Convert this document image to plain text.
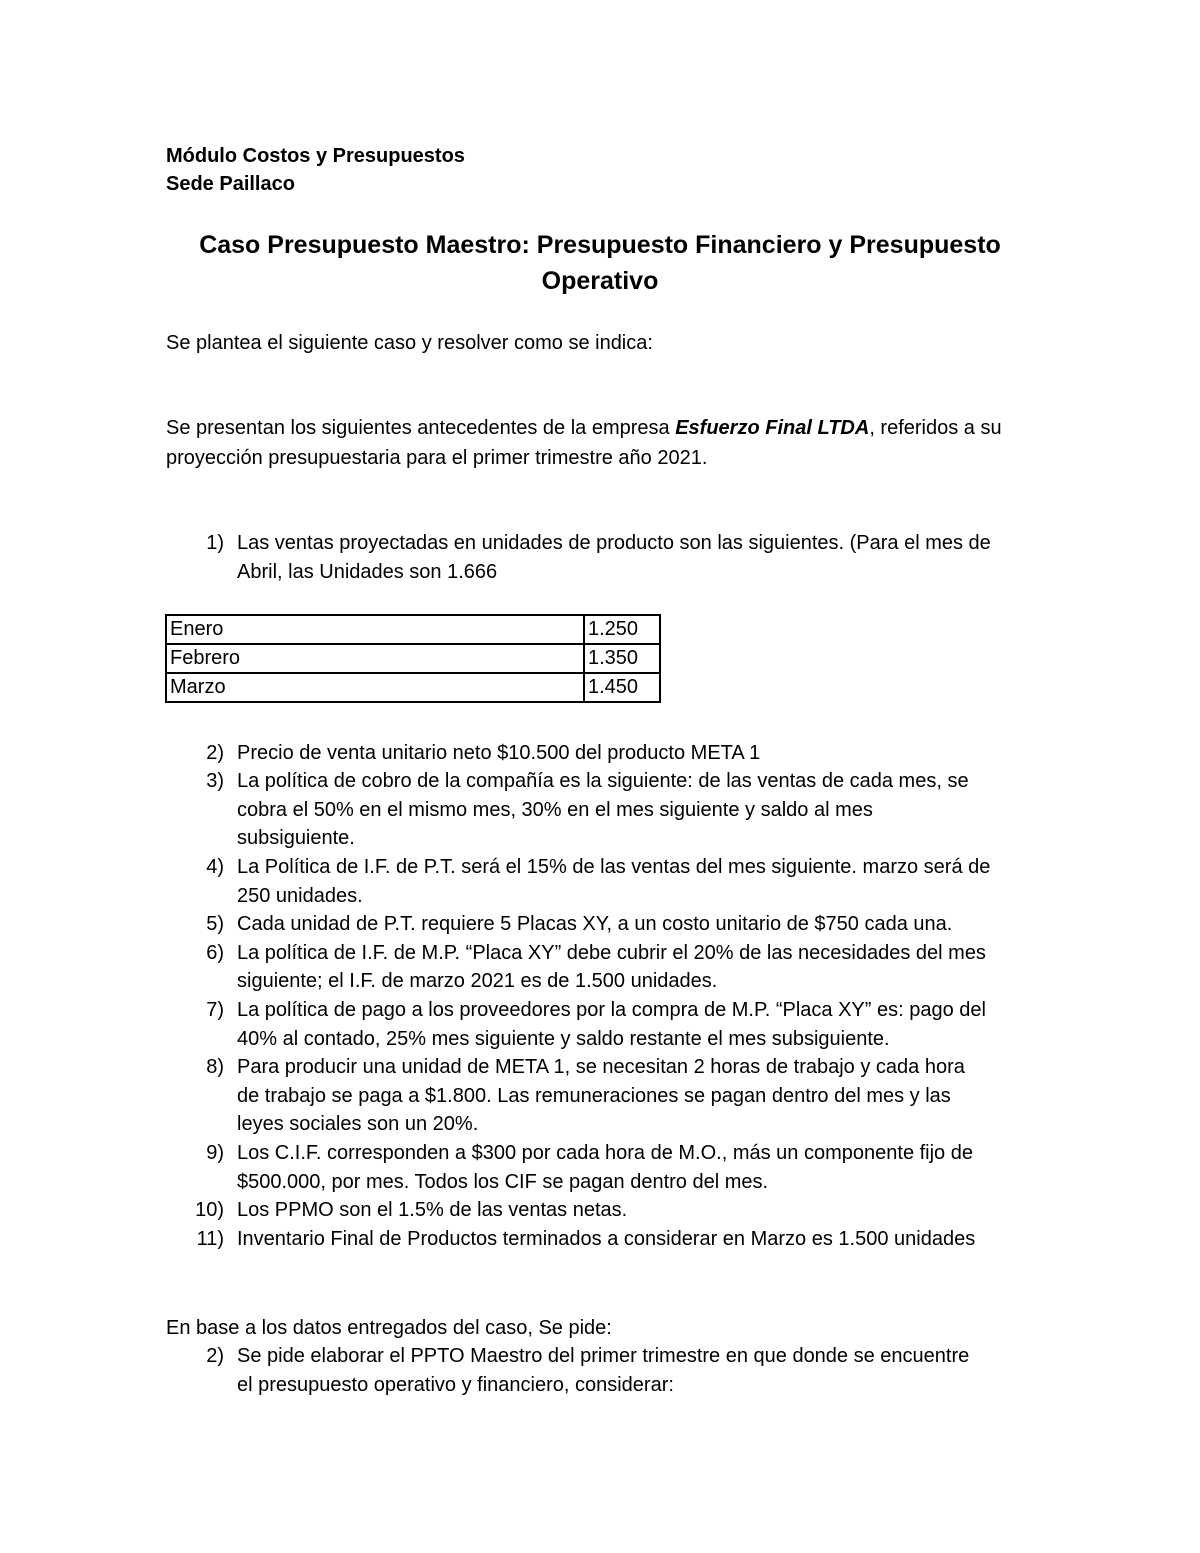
Módulo Costos y Presupuestos
Sede Paillaco
Caso Presupuesto Maestro: Presupuesto Financiero y Presupuesto
Operativo
Se plantea el siguiente caso y resolver como se indica:
Se presentan los siguientes antecedentes de la empresa Esfuerzo Final LTDA, referidos a su
proyección presupuestaria para el primer trimestre año 2021.
1) Las ventas proyectadas en unidades de producto son las siguientes. (Para el mes de
Abril, las Unidades son 1.666
Enero	1.250
Febrero	1.350
Marzo	1.450
2) Precio de venta unitario neto $10.500 del producto META 1
3) La política de cobro de la compañía es la siguiente: de las ventas de cada mes, se
cobra el 50% en el mismo mes, 30% en el mes siguiente y saldo al mes
subsiguiente.
4) La Política de I.F. de P.T. será el 15% de las ventas del mes siguiente. marzo será de
250 unidades.
5) Cada unidad de P.T. requiere 5 Placas XY, a un costo unitario de $750 cada una.
6) La política de I.F. de M.P. “Placa XY” debe cubrir el 20% de las necesidades del mes
siguiente; el I.F. de marzo 2021 es de 1.500 unidades.
7) La política de pago a los proveedores por la compra de M.P. “Placa XY” es: pago del
40% al contado, 25% mes siguiente y saldo restante el mes subsiguiente.
8) Para producir una unidad de META 1, se necesitan 2 horas de trabajo y cada hora
de trabajo se paga a $1.800. Las remuneraciones se pagan dentro del mes y las
leyes sociales son un 20%.
9) Los C.I.F. corresponden a $300 por cada hora de M.O., más un componente fijo de
$500.000, por mes. Todos los CIF se pagan dentro del mes.
10) Los PPMO son el 1.5% de las ventas netas.
11) Inventario Final de Productos terminados a considerar en Marzo es 1.500 unidades
En base a los datos entregados del caso, Se pide:
2) Se pide elaborar el PPTO Maestro del primer trimestre en que donde se encuentre
el presupuesto operativo y financiero, considerar:
